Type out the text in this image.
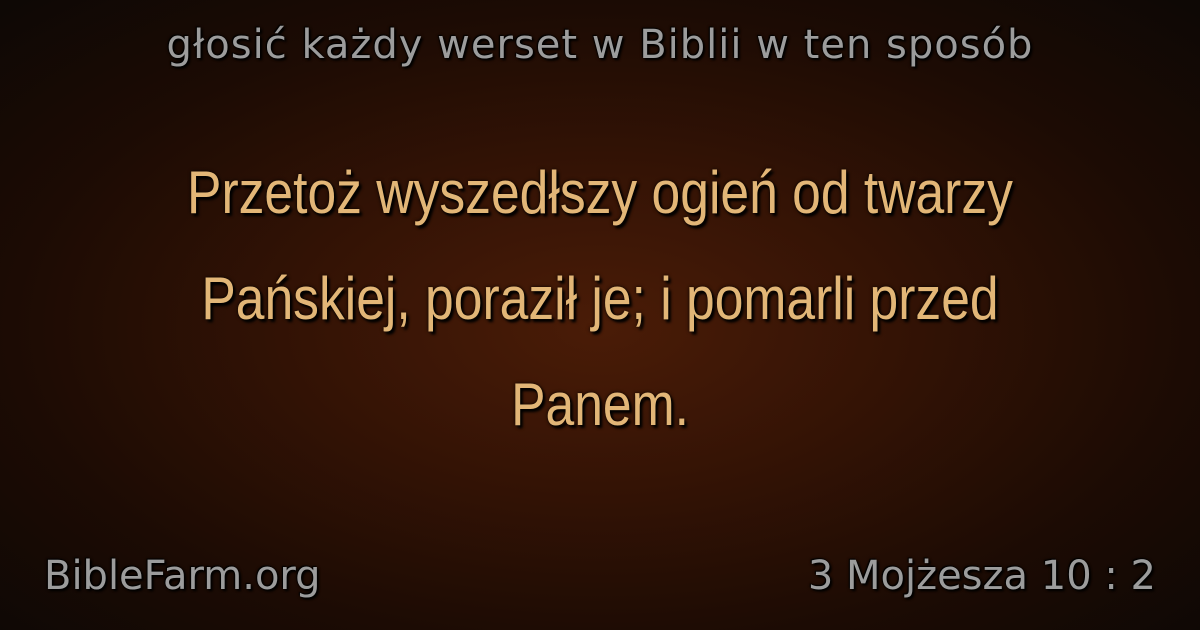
głosić każdy werset w Biblii w ten sposób

Przetoż wyszedłszy ogień od twarzy Pańskiej, poraził je; i pomarli przed Panem.

BibleFarm.org	3 Mojżesza 10 : 2
